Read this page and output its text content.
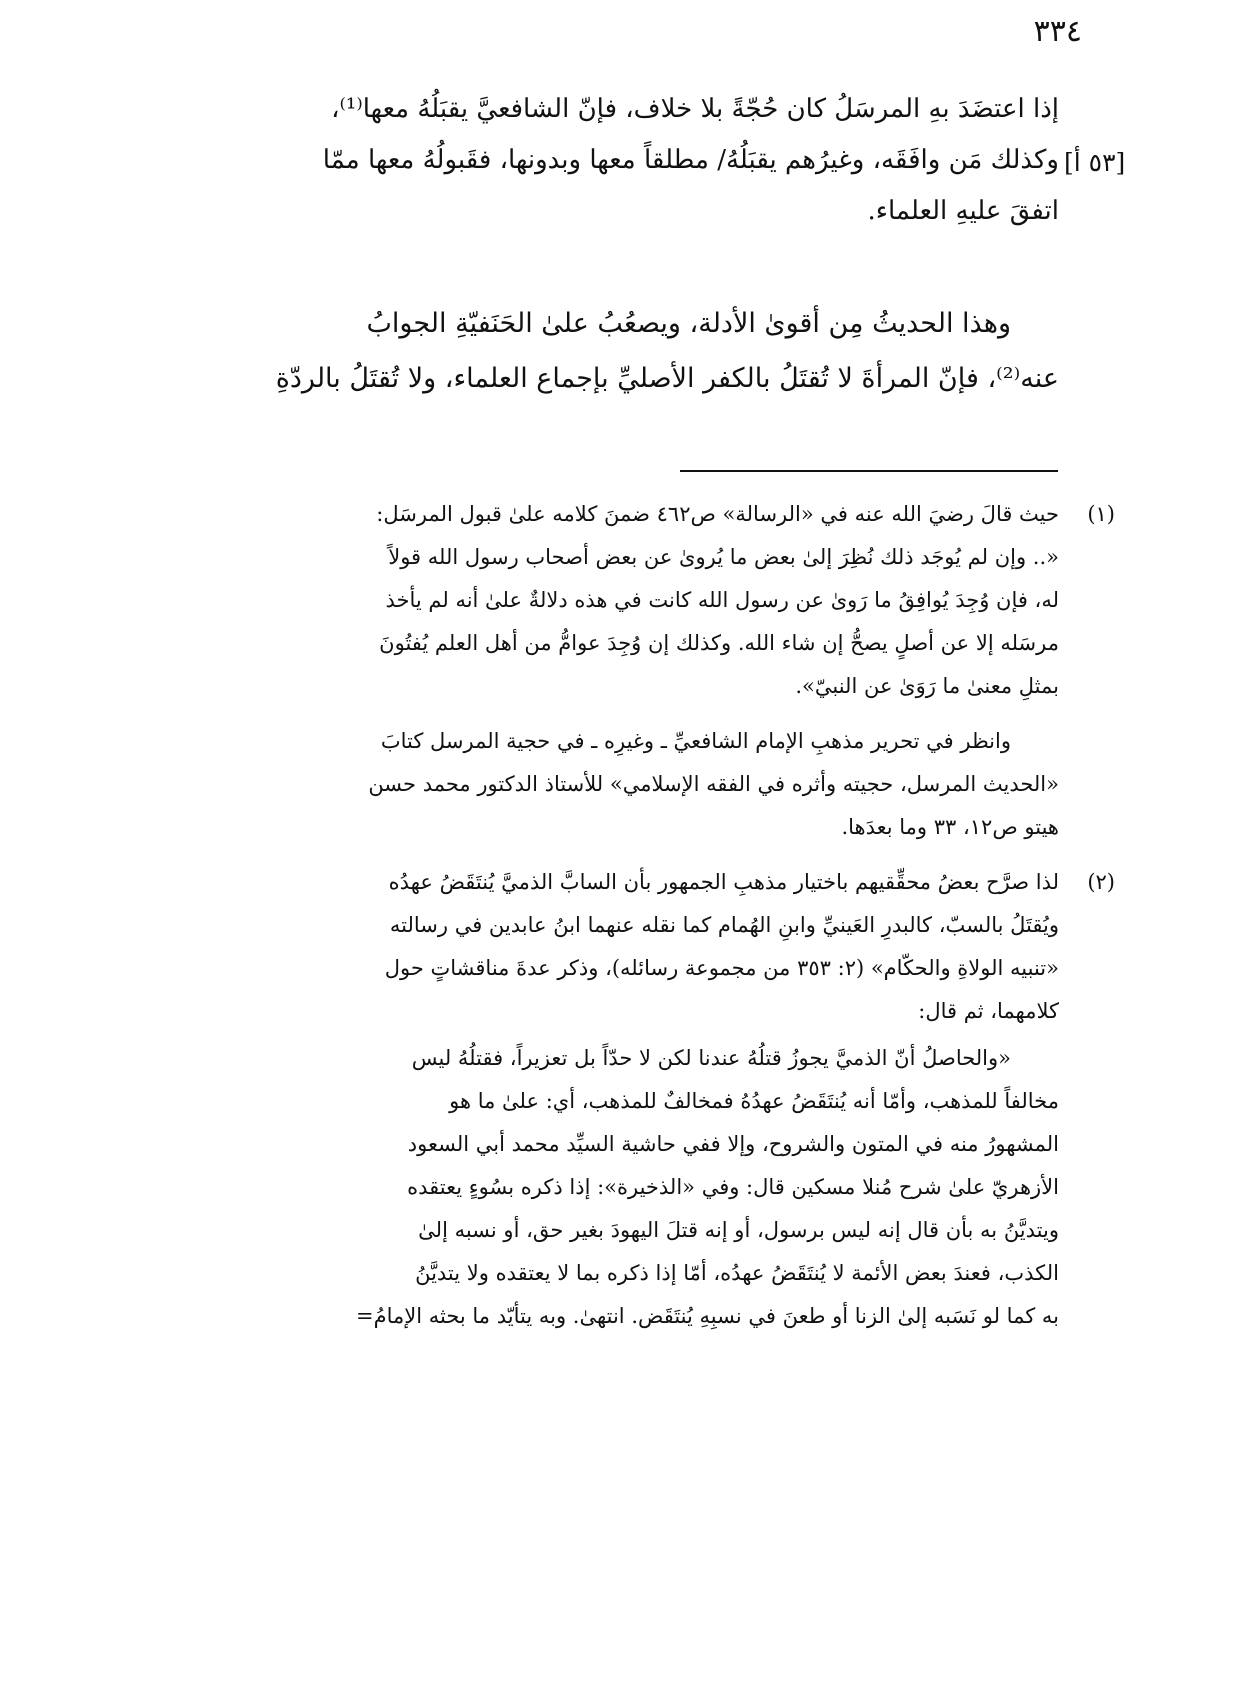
٣٣٤
[٥٣ أ]
إذا اعتضَدَ بهِ المرسَلُ كان حُجّةً بلا خلاف، فإنّ الشافعيَّ يقبَلُهُ معها⁽¹⁾،
وكذلك مَن وافَقَه، وغيرُهم يقبَلُهُ/ مطلقاً معها وبدونها، فقَبولُهُ معها ممّا
اتفقَ عليهِ العلماء.
وهذا الحديثُ مِن أقوىٰ الأدلة، ويصعُبُ علىٰ الحَنَفيّةِ الجوابُ
عنه⁽²⁾، فإنّ المرأةَ لا تُقتَلُ بالكفر الأصليِّ بإجماع العلماء، ولا تُقتَلُ بالردّةِ
(١)
حيث قالَ رضيَ الله عنه في «الرسالة» ص٤٦٢ ضمنَ كلامه علىٰ قبول المرسَل:
«.. وإن لم يُوجَد ذلك نُظِرَ إلىٰ بعض ما يُروىٰ عن بعض أصحاب رسول الله قولاً
له، فإن وُجِدَ يُوافِقُ ما رَوىٰ عن رسول الله كانت في هذه دلالةٌ علىٰ أنه لم يأخذ
مرسَله إلا عن أصلٍ يصحُّ إن شاء الله. وكذلك إن وُجِدَ عوامُّ من أهل العلم يُفتُونَ
بمثلِ معنىٰ ما رَوَىٰ عن النبيّ».
وانظر في تحرير مذهبِ الإمام الشافعيِّ ـ وغيرِه ـ في حجية المرسل كتابَ
«الحديث المرسل، حجيته وأثره في الفقه الإسلامي» للأستاذ الدكتور محمد حسن
هيتو ص١٢، ٣٣ وما بعدَها.
(٢)
لذا صرَّح بعضُ محقِّقيهم باختيار مذهبِ الجمهور بأن السابَّ الذميَّ يُنتَقَضُ عهدُه
ويُقتَلُ بالسبّ، كالبدرِ العَينيِّ وابنِ الهُمام كما نقله عنهما ابنُ عابدين في رسالته
«تنبيه الولاةِ والحكّام» (٢: ٣٥٣ من مجموعة رسائله)، وذكر عدةَ مناقشاتٍ حول
كلامهما، ثم قال:
«والحاصلُ أنّ الذميَّ يجوزُ قتلُهُ عندنا لكن لا حدّاً بل تعزيراً، فقتلُهُ ليس
مخالفاً للمذهب، وأمّا أنه يُنتَقَضُ عهدُهُ فمخالفٌ للمذهب، أي: علىٰ ما هو
المشهورُ منه في المتون والشروح، وإلا ففي حاشية السيِّد محمد أبي السعود
الأزهريّ علىٰ شرح مُنلا مسكين قال: وفي «الذخيرة»: إذا ذكره بسُوءٍ يعتقده
ويتديَّنُ به بأن قال إنه ليس برسول، أو إنه قتلَ اليهودَ بغير حق، أو نسبه إلىٰ
الكذب، فعندَ بعض الأئمة لا يُنتَقَضُ عهدُه، أمّا إذا ذكره بما لا يعتقده ولا يتديَّنُ
به كما لو نَسَبه إلىٰ الزنا أو طعنَ في نسبِهِ يُنتَقَض. انتهىٰ. وبه يتأيّد ما بحثه الإمامُ=
